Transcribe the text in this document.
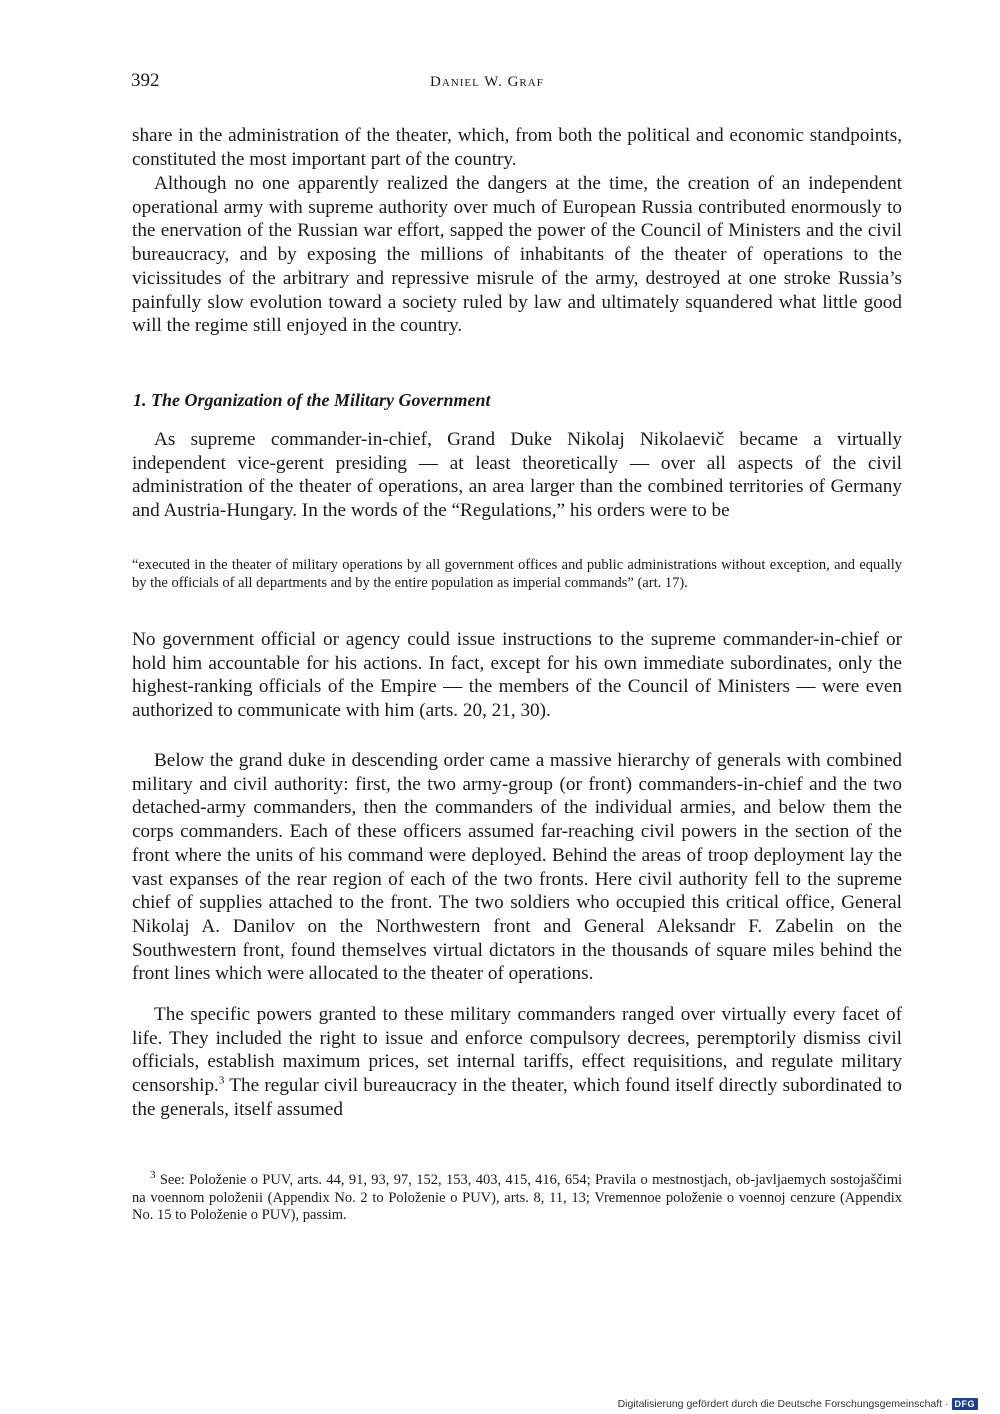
392	Daniel W. Graf

share in the administration of the theater, which, from both the political and economic standpoints, constituted the most important part of the country.

Although no one apparently realized the dangers at the time, the creation of an independent operational army with supreme authority over much of European Russia contributed enormously to the enervation of the Russian war effort, sapped the power of the Council of Ministers and the civil bureaucracy, and by exposing the millions of inhabitants of the theater of operations to the vicissitudes of the arbitrary and repressive misrule of the army, destroyed at one stroke Russia’s painfully slow evolution toward a society ruled by law and ultimately squandered what little good will the regime still enjoyed in the country.

1. The Organization of the Military Government

As supreme commander-in-chief, Grand Duke Nikolaj Nikolaevič became a virtually independent vice-gerent presiding — at least theoretically — over all aspects of the civil administration of the theater of operations, an area larger than the combined territories of Germany and Austria-Hungary. In the words of the “Regulations,” his orders were to be

“executed in the theater of military operations by all government offices and public administrations without exception, and equally by the officials of all departments and by the entire population as imperial commands” (art. 17).

No government official or agency could issue instructions to the supreme commander-in-chief or hold him accountable for his actions. In fact, except for his own immediate subordinates, only the highest-ranking officials of the Empire — the members of the Council of Ministers — were even authorized to communicate with him (arts. 20, 21, 30).

Below the grand duke in descending order came a massive hierarchy of generals with combined military and civil authority: first, the two army-group (or front) commanders-in-chief and the two detached-army commanders, then the commanders of the individual armies, and below them the corps commanders. Each of these officers assumed far-reaching civil powers in the section of the front where the units of his command were deployed. Behind the areas of troop deployment lay the vast expanses of the rear region of each of the two fronts. Here civil authority fell to the supreme chief of supplies attached to the front. The two soldiers who occupied this critical office, General Nikolaj A. Danilov on the Northwestern front and General Aleksandr F. Zabelin on the Southwestern front, found themselves virtual dictators in the thousands of square miles behind the front lines which were allocated to the theater of operations.

The specific powers granted to these military commanders ranged over virtually every facet of life. They included the right to issue and enforce compulsory decrees, peremptorily dismiss civil officials, establish maximum prices, set internal tariffs, effect requisitions, and regulate military censorship.$^3$ The regular civil bureaucracy in the theater, which found itself directly subordinated to the generals, itself assumed

$^3$ See: Položenie o PUV, arts. 44, 91, 93, 97, 152, 153, 403, 415, 416, 654; Pravila o mestnostjach, ob-javljaemych sostojaščimi na voennom položenii (Appendix No. 2 to Položenie o PUV), arts. 8, 11, 13; Vremennoe položenie o voennoj cenzure (Appendix No. 15 to Položenie o PUV), passim.

Digitalisierung gefördert durch die Deutsche Forschungsgemeinschaft · DFG
